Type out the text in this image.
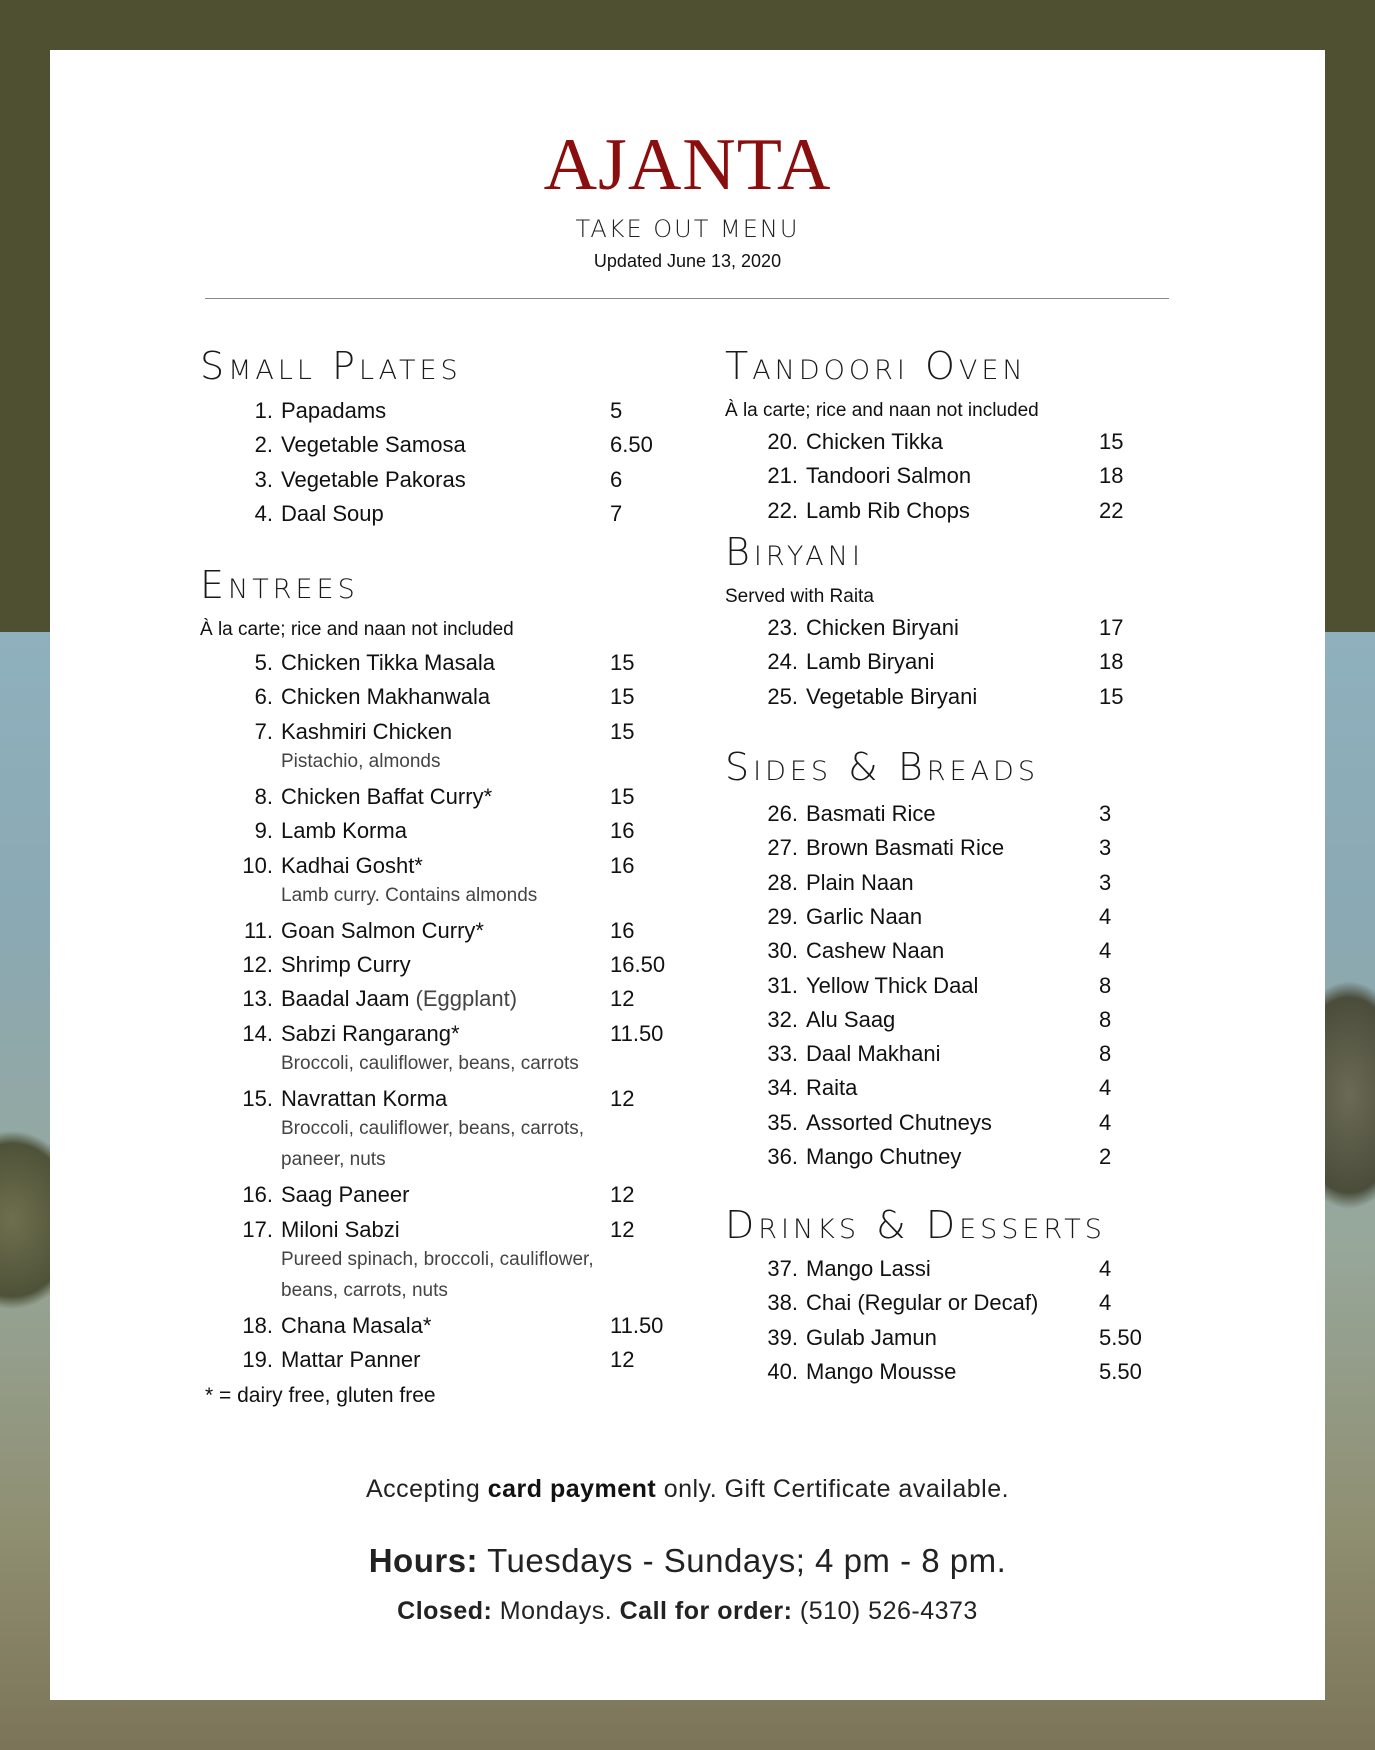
AJANTA
TAKE OUT MENU
Updated June 13, 2020
Small Plates
1. Papadams	5
2. Vegetable Samosa	6.50
3. Vegetable Pakoras	6
4. Daal Soup	7
Entrees
À la carte; rice and naan not included
5. Chicken Tikka Masala	15
6. Chicken Makhanwala	15
7. Kashmiri Chicken	15
Pistachio, almonds
8. Chicken Baffat Curry*	15
9. Lamb Korma	16
10. Kadhai Gosht*	16
Lamb curry. Contains almonds
11. Goan Salmon Curry*	16
12. Shrimp Curry	16.50
13. Baadal Jaam (Eggplant)	12
14. Sabzi Rangarang*	11.50
Broccoli, cauliflower, beans, carrots
15. Navrattan Korma	12
Broccoli, cauliflower, beans, carrots,
paneer, nuts
16. Saag Paneer	12
17. Miloni Sabzi	12
Pureed spinach, broccoli, cauliflower,
beans, carrots, nuts
18. Chana Masala*	11.50
19. Mattar Panner	12
* = dairy free, gluten free
Tandoori Oven
À la carte; rice and naan not included
20. Chicken Tikka	15
21. Tandoori Salmon	18
22. Lamb Rib Chops	22
Biryani
Served with Raita
23. Chicken Biryani	17
24. Lamb Biryani	18
25. Vegetable Biryani	15
Sides & Breads
26. Basmati Rice	3
27. Brown Basmati Rice	3
28. Plain Naan	3
29. Garlic Naan	4
30. Cashew Naan	4
31. Yellow Thick Daal	8
32. Alu Saag	8
33. Daal Makhani	8
34. Raita	4
35. Assorted Chutneys	4
36. Mango Chutney	2
Drinks & Desserts
37. Mango Lassi	4
38. Chai (Regular or Decaf)	4
39. Gulab Jamun	5.50
40. Mango Mousse	5.50
Accepting card payment only. Gift Certificate available.
Hours: Tuesdays - Sundays; 4 pm - 8 pm.
Closed: Mondays. Call for order: (510) 526-4373
